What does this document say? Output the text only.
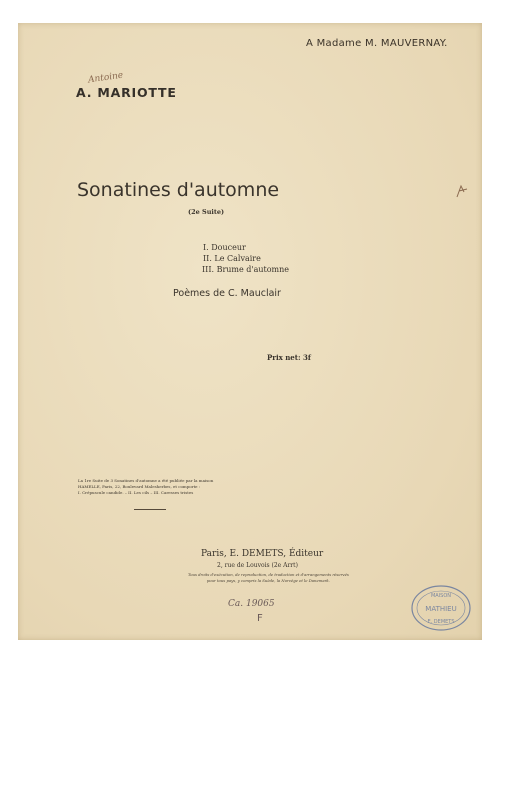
A Madame M. MAUVERNAY.
Antoine
A. MARIOTTE
Sonatines d'automne
(2e Suite)
I. Douceur
II. Le Calvaire
III. Brume d'automne
Poèmes de C. Mauclair
Prix net: 3f
La 1re Suite de 3 Sonatines d'automne a été publiée par la maison
HAMELLE, Paris, 22, Boulevard Malesherbes, et comporte :
I. Crépuscule candide. – II. Les cils – III. Caresses tristes
Paris, E. DEMETS, Éditeur
2, rue de Louvois (2e Arrt)
Tous droits d'exécution, de reproduction, de traduction et d'arrangements réservés
pour tous pays, y compris la Suède, la Norvège et le Danemark.
Ca. 19065
F
MAISON
MATHIEU
E. DEMETS
